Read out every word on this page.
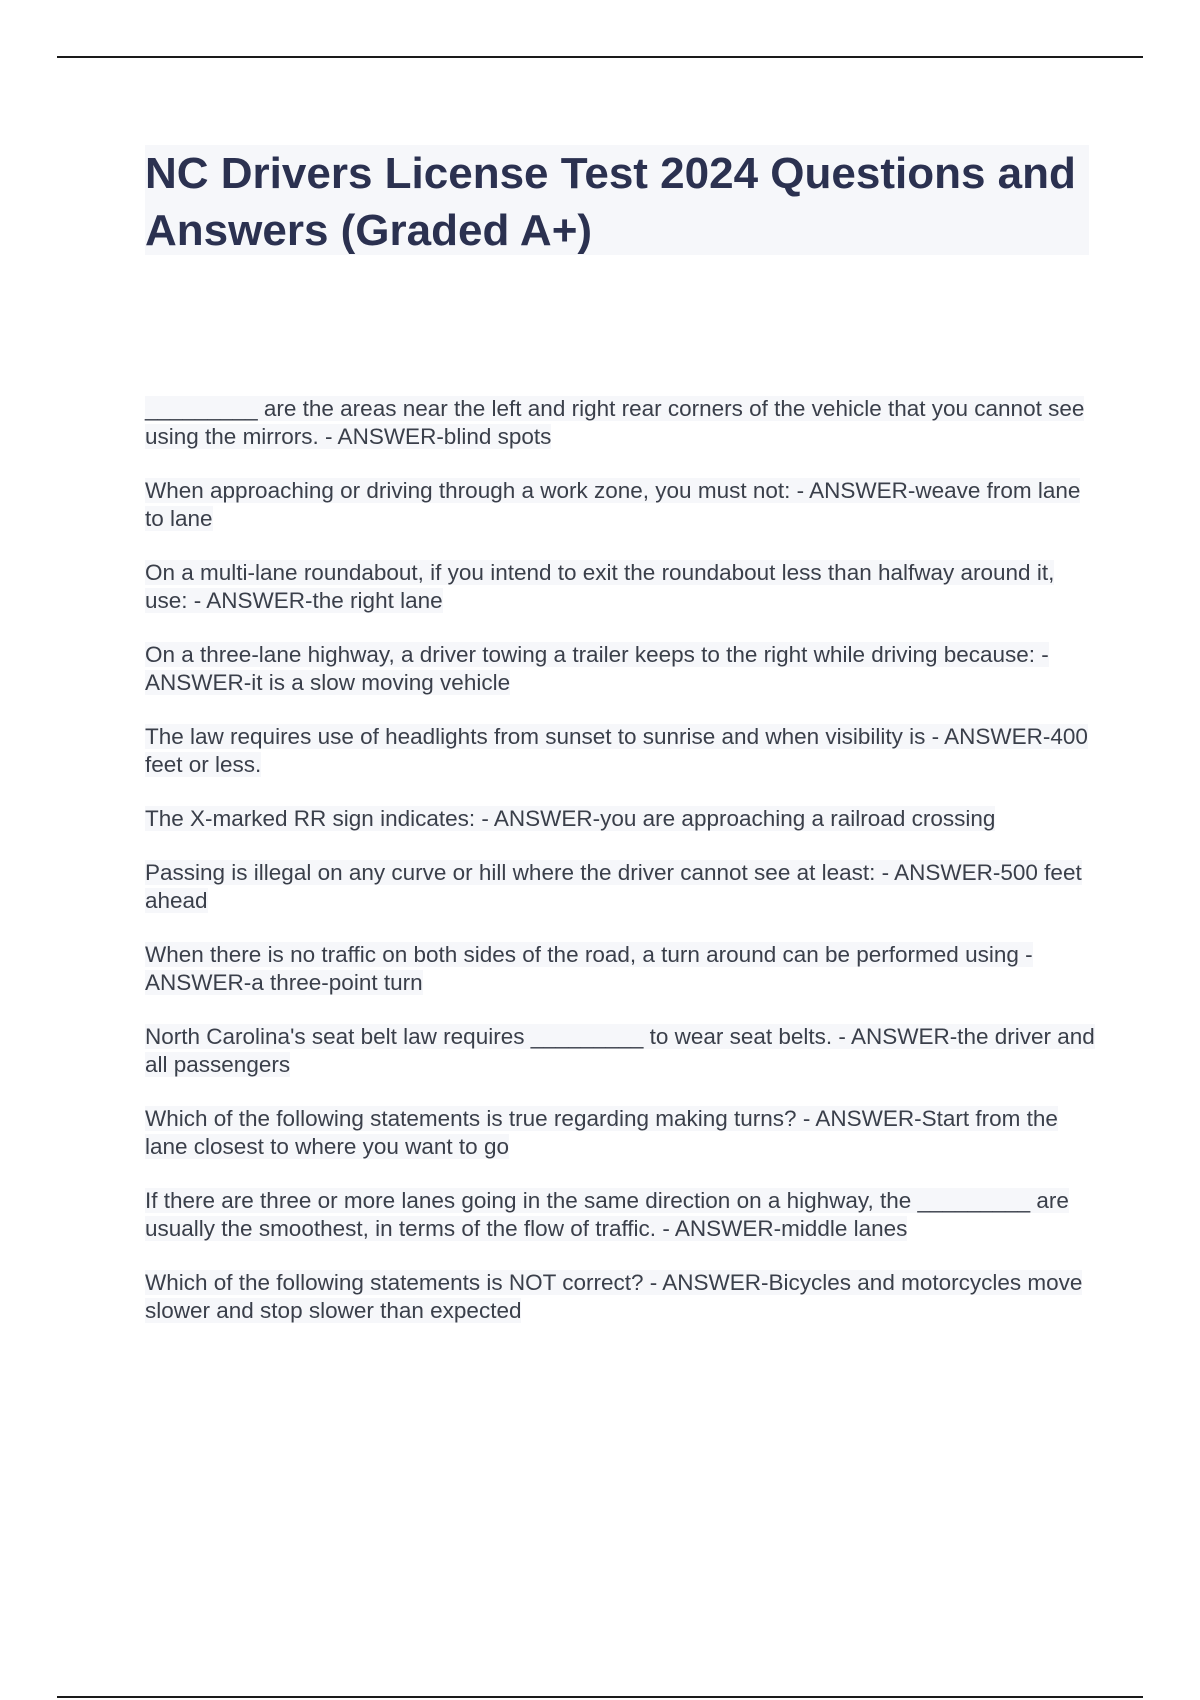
NC Drivers License Test 2024 Questions and Answers (Graded A+)

_________ are the areas near the left and right rear corners of the vehicle that you cannot see using the mirrors. - ANSWER-blind spots

When approaching or driving through a work zone, you must not: - ANSWER-weave from lane to lane

On a multi-lane roundabout, if you intend to exit the roundabout less than halfway around it, use: - ANSWER-the right lane

On a three-lane highway, a driver towing a trailer keeps to the right while driving because: - ANSWER-it is a slow moving vehicle

The law requires use of headlights from sunset to sunrise and when visibility is - ANSWER-400 feet or less.

The X-marked RR sign indicates: - ANSWER-you are approaching a railroad crossing

Passing is illegal on any curve or hill where the driver cannot see at least: - ANSWER-500 feet ahead

When there is no traffic on both sides of the road, a turn around can be performed using - ANSWER-a three-point turn

North Carolina's seat belt law requires _________ to wear seat belts. - ANSWER-the driver and all passengers

Which of the following statements is true regarding making turns? - ANSWER-Start from the lane closest to where you want to go

If there are three or more lanes going in the same direction on a highway, the _________ are usually the smoothest, in terms of the flow of traffic. - ANSWER-middle lanes

Which of the following statements is NOT correct? - ANSWER-Bicycles and motorcycles move slower and stop slower than expected
